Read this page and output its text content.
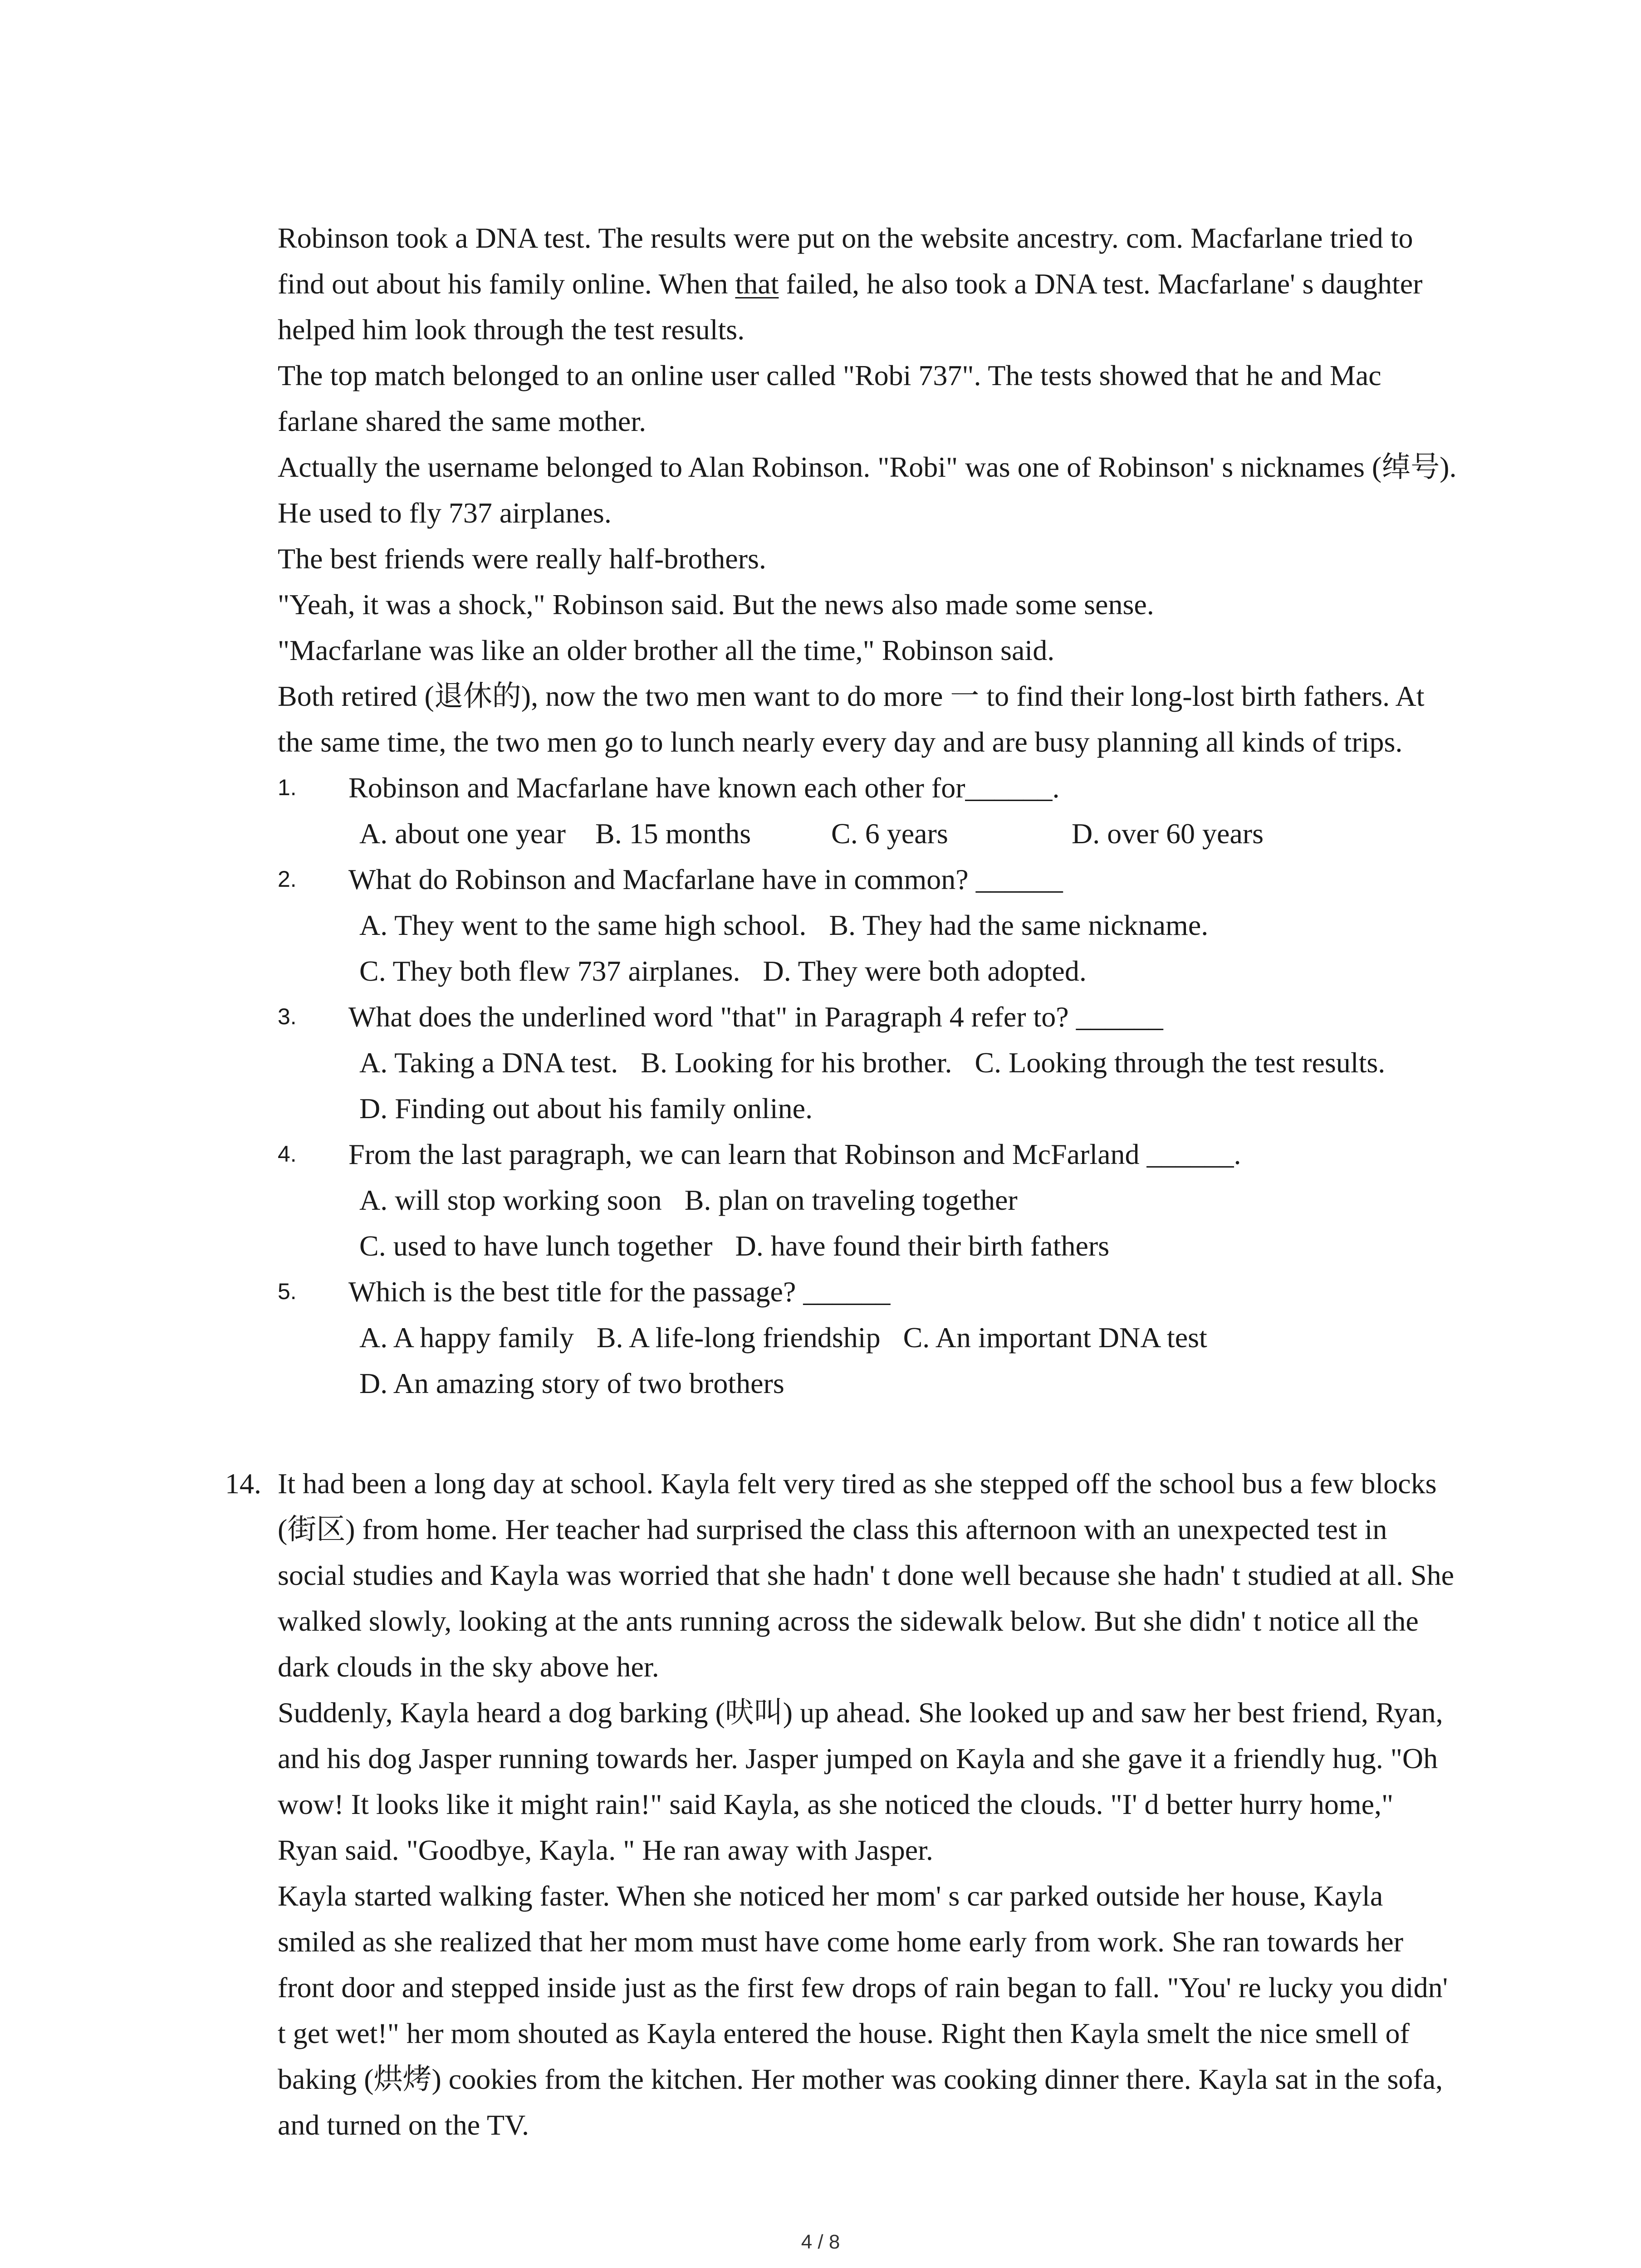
Robinson took a DNA test. The results were put on the website ancestry. com. Macfarlane tried to find out about his family online. When that failed, he also took a DNA test. Macfarlane' s daughter helped him look through the test results.

The top match belonged to an online user called "Robi 737". The tests showed that he and Mac farlane shared the same mother.

Actually the username belonged to Alan Robinson. "Robi" was one of Robinson' s nicknames (绰号). He used to fly 737 airplanes.

The best friends were really half-brothers.

"Yeah, it was a shock," Robinson said. But the news also made some sense.

"Macfarlane was like an older brother all the time," Robinson said.

Both retired (退休的), now the two men want to do more 一 to find their long-lost birth fathers. At the same time, the two men go to lunch nearly every day and are busy planning all kinds of trips.

1. Robinson and Macfarlane have known each other for______.
A. about one year B. 15 months	C. 6 years	D. over 60 years
2. What do Robinson and Macfarlane have in common? ______
A. They went to the same high school. B. They had the same nickname.
C. They both flew 737 airplanes. D. They were both adopted.
3. What does the underlined word "that" in Paragraph 4 refer to? ______
A. Taking a DNA test. B. Looking for his brother. C. Looking through the test results.
D. Finding out about his family online.
4. From the last paragraph, we can learn that Robinson and McFarland ______.
A. will stop working soon B. plan on traveling together
C. used to have lunch together D. have found their birth fathers
5. Which is the best title for the passage? ______
A. A happy family B. A life-long friendship C. An important DNA test
D. An amazing story of two brothers
14. It had been a long day at school. Kayla felt very tired as she stepped off the school bus a few blocks (街区) from home. Her teacher had surprised the class this afternoon with an unexpected test in social studies and Kayla was worried that she hadn' t done well because she hadn' t studied at all. She walked slowly, looking at the ants running across the sidewalk below. But she didn' t notice all the dark clouds in the sky above her.

Suddenly, Kayla heard a dog barking (吠叫) up ahead. She looked up and saw her best friend, Ryan, and his dog Jasper running towards her. Jasper jumped on Kayla and she gave it a friendly hug. "Oh wow! It looks like it might rain!" said Kayla, as she noticed the clouds. "I' d better hurry home," Ryan said. "Goodbye, Kayla. " He ran away with Jasper.

Kayla started walking faster. When she noticed her mom' s car parked outside her house, Kayla smiled as she realized that her mom must have come home early from work. She ran towards her front door and stepped inside just as the first few drops of rain began to fall. "You' re lucky you didn' t get wet!" her mom shouted as Kayla entered the house. Right then Kayla smelt the nice smell of baking (烘烤) cookies from the kitchen. Her mother was cooking dinner there. Kayla sat in the sofa, and turned on the TV.

4 / 8
